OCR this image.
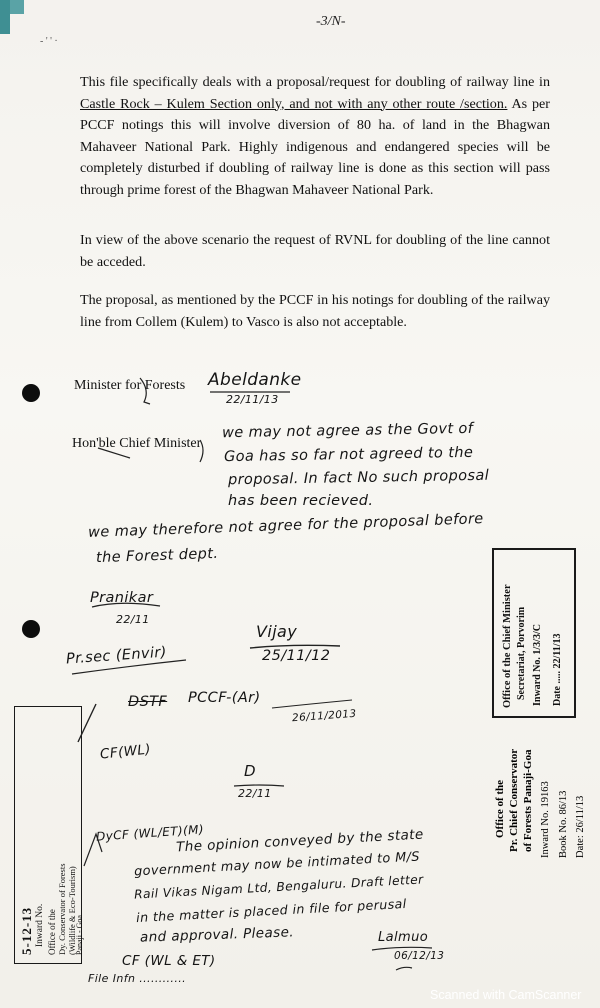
-3/N-
- ' ' ·

This file specifically deals with a proposal/request for doubling of railway line in Castle Rock – Kulem Section only, and not with any other route /section. As per PCCF notings this will involve diversion of 80 ha. of land in the Bhagwan Mahaveer National Park. Highly indigenous and endangered species will be completely disturbed if doubling of railway line is done as this section will pass through prime forest of the Bhagwan Mahaveer National Park.

In view of the above scenario the request of RVNL for doubling of the line cannot be acceded.

The proposal, as mentioned by the PCCF in his notings for doubling of the railway line from Collem (Kulem) to Vasco is also not acceptable.

Minister for Forests
Hon'ble Chief Minister
Abeldanke
22/11/13
we may not agree as the Govt of
Goa has so far not agreed to the
proposal. In fact No such proposal
has been recieved.
we may therefore not agree for the proposal before
the Forest dept.
Pranikar
22/11
Pr.sec (Envir)
Vijay
25/11/12
DSTF PCCF-(Ar)
26/11/2013
CF(WL)
D
22/11
DyCF (WL/ET)(M)
The opinion conveyed by the state
government may now be intimated to M/S
Rail Vikas Nigam Ltd, Bengaluru. Draft letter
in the matter is placed in file for perusal
and approval. Please.	Lalmuo
06/12/13
CF (WL & ET)
File Infn ............
Office of the Chief Minister Secretariat, Porvorim Inward No. 1/3/3/C Date ..... 22/11/13
Office of the Pr. Chief Conservator of Forests Panaji-Goa Inward No. 19163 Book No. 86/13 Date: 26/11/13
5-12-13 Inward No. Office of the Dy. Conservator of Forests (Wildlife & Eco-Tourism)
Panaji - Goa
Scanned with CamScanner
